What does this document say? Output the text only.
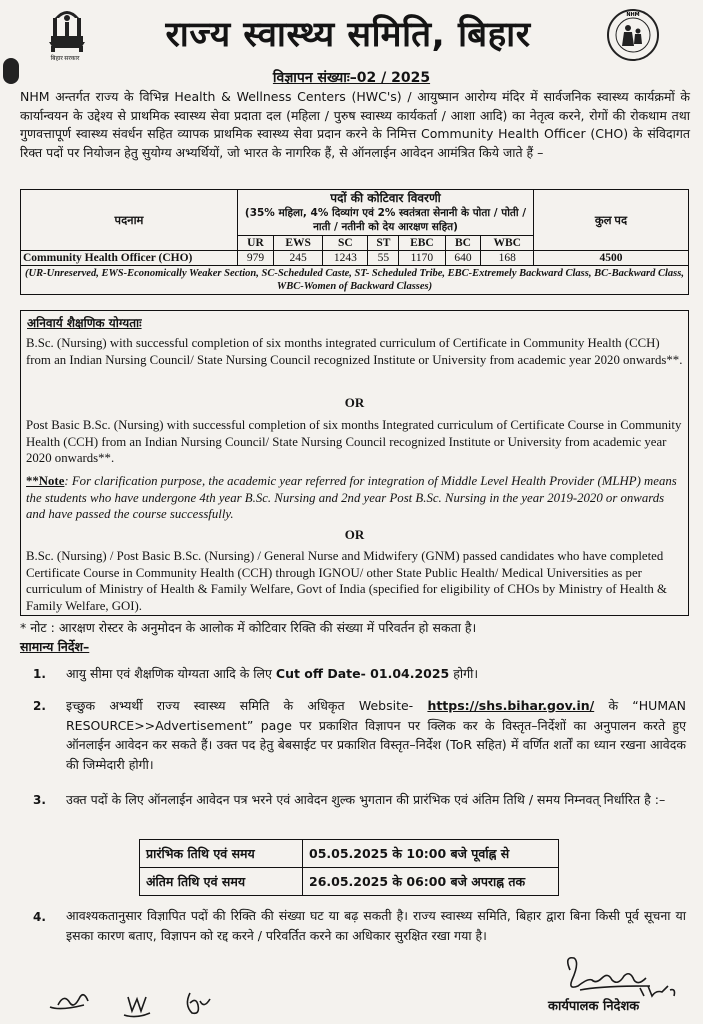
बिहार सरकार
राज्य स्वास्थ्य समिति, बिहार	NHM
विज्ञापन संख्याः–02 / 2025
NHM अन्तर्गत राज्य के विभिन्न Health & Wellness Centers (HWC's) / आयुष्मान आरोग्य मंदिर में सार्वजनिक स्वास्थ्य कार्यक्रमों के कार्यान्वयन के उद्देश्य से प्राथमिक स्वास्थ्य सेवा प्रदाता दल (महिला / पुरुष स्वास्थ्य कार्यकर्ता / आशा आदि) का नेतृत्व करने, रोगों की रोकथाम तथा गुणवत्तापूर्ण स्वास्थ्य संवर्धन सहित व्यापक प्राथमिक स्वास्थ्य सेवा प्रदान करने के निमित्त Community Health Officer (CHO) के संविदागत रिक्त पदों पर नियोजन हेतु सुयोग्य अभ्यर्थियों, जो भारत के नागरिक हैं, से ऑनलाईन आवेदन आमंत्रित किये जाते हैं –
पदनाम	पदों की कोटिवार विवरणी
(35% महिला, 4% दिव्यांग एवं 2% स्वतंत्रता सेनानी के पोता / पोती / नाती / नतीनी को देय आरक्षण सहित)							कुल पद
	UR	EWS	SC	ST	EBC	BC	WBC	
Community Health Officer (CHO)	979	245	1243	55	1170	640	168	4500
(UR-Unreserved, EWS-Economically Weaker Section, SC-Scheduled Caste, ST- Scheduled Tribe, EBC-Extremely Backward Class, BC-Backward Class, WBC-Women of Backward Classes)								
अनिवार्य शैक्षणिक योग्यताः
B.Sc. (Nursing) with successful completion of six months integrated curriculum of Certificate in Community Health (CCH) from an Indian Nursing Council/ State Nursing Council recognized Institute or University from academic year 2020 onwards**.
OR
Post Basic B.Sc. (Nursing) with successful completion of six months Integrated curriculum of Certificate Course in Community Health (CCH) from an Indian Nursing Council/ State Nursing Council recognized Institute or University from academic year 2020 onwards**.
**Note: For clarification purpose, the academic year referred for integration of Middle Level Health Provider (MLHP) means the students who have undergone 4th year B.Sc. Nursing and 2nd year Post B.Sc. Nursing in the year 2019-2020 or onwards and have passed the course successfully.
OR
B.Sc. (Nursing) / Post Basic B.Sc. (Nursing) / General Nurse and Midwifery (GNM) passed candidates who have completed Certificate Course in Community Health (CCH) through IGNOU/ other State Public Health/ Medical Universities as per curriculum of Ministry of Health & Family Welfare, Govt of India (specified for eligibility of CHOs by Ministry of Health & Family Welfare, GOI).
* नोट : आरक्षण रोस्टर के अनुमोदन के आलोक में कोटिवार रिक्ति की संख्या में परिवर्तन हो सकता है।
सामान्य निर्देश–
1. आयु सीमा एवं शैक्षणिक योग्यता आदि के लिए Cut off Date- 01.04.2025 होगी।
2. इच्छुक अभ्यर्थी राज्य स्वास्थ्य समिति के अधिकृत Website- https://shs.bihar.gov.in/ के “HUMAN RESOURCE>>Advertisement” page पर प्रकाशित विज्ञापन पर क्लिक कर के विस्तृत–निर्देशों का अनुपालन करते हुए ऑनलाईन आवेदन कर सकते हैं। उक्त पद हेतु बेबसाईट पर प्रकाशित विस्तृत–निर्देश (ToR सहित) में वर्णित शर्तों का ध्यान रखना आवेदक की जिम्मेदारी होगी।
3. उक्त पदों के लिए ऑनलाईन आवेदन पत्र भरने एवं आवेदन शुल्क भुगतान की प्रारंभिक एवं अंतिम तिथि / समय निम्नवत् निर्धारित है :–
प्रारंभिक तिथि एवं समय	05.05.2025 के 10:00 बजे पूर्वाह्न से
अंतिम तिथि एवं समय	26.05.2025 के 06:00 बजे अपराह्न तक
4. आवश्यकतानुसार विज्ञापित पदों की रिक्ति की संख्या घट या बढ़ सकती है। राज्य स्वास्थ्य समिति, बिहार द्वारा बिना किसी पूर्व सूचना या इसका कारण बताए, विज्ञापन को रद्द करने / परिवर्तित करने का अधिकार सुरक्षित रखा गया है।
कार्यपालक निदेशक
